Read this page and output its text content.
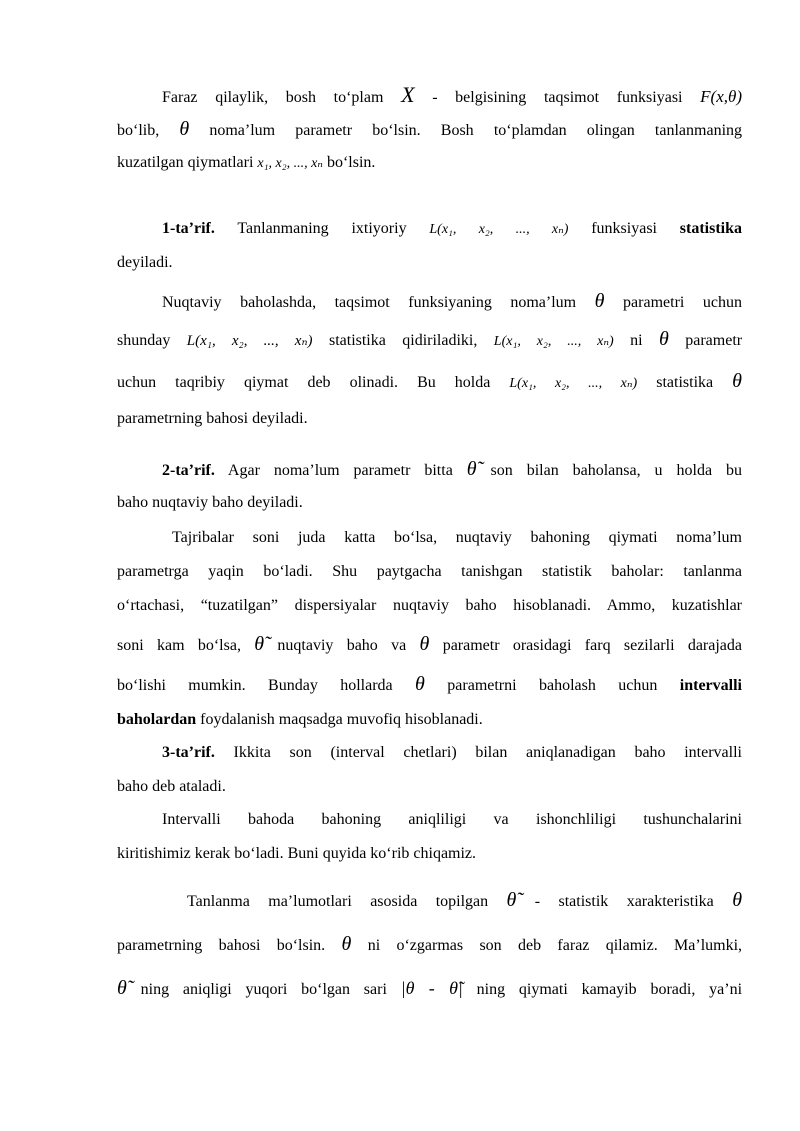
Faraz qilaylik, bosh to‘plam X - belgisining taqsimot funksiyasi F(x,θ)
bo‘lib, θ noma’lum parametr bo‘lsin. Bosh to‘plamdan olingan tanlanmaning
kuzatilgan qiymatlari x₁, x₂, ..., xₙ bo‘lsin.
1-ta’rif. Tanlanmaning ixtiyoriy L(x₁, x₂, ..., xₙ) funksiyasi statistika
deyiladi.
Nuqtaviy baholashda, taqsimot funksiyaning noma’lum θ parametri uchun
shunday L(x₁, x₂, ..., xₙ) statistika qidiriladiki, L(x₁, x₂, ..., xₙ) ni θ parametr
uchun taqribiy qiymat deb olinadi. Bu holda L(x₁, x₂, ..., xₙ) statistika θ
parametrning bahosi deyiladi.
2-ta’rif. Agar noma’lum parametr bitta θ̃ son bilan baholansa, u holda bu
baho nuqtaviy baho deyiladi.
Tajribalar soni juda katta bo‘lsa, nuqtaviy bahoning qiymati noma’lum
parametrga yaqin bo‘ladi. Shu paytgacha tanishgan statistik baholar: tanlanma
o‘rtachasi, “tuzatilgan” dispersiyalar nuqtaviy baho hisoblanadi. Ammo, kuzatishlar
soni kam bo‘lsa, θ̃ nuqtaviy baho va θ parametr orasidagi farq sezilarli darajada
bo‘lishi mumkin. Bunday hollarda θ parametrni baholash uchun intervalli
baholardan foydalanish maqsadga muvofiq hisoblanadi.
3-ta’rif. Ikkita son (interval chetlari) bilan aniqlanadigan baho intervalli
baho deb ataladi.
Intervalli bahoda bahoning aniqliligi va ishonchliligi tushunchalarini
kiritishimiz kerak bo‘ladi. Buni quyida ko‘rib chiqamiz.
Tanlanma ma’lumotlari asosida topilgan θ̃ - statistik xarakteristika θ
parametrning bahosi bo‘lsin. θ ni o‘zgarmas son deb faraz qilamiz. Ma’lumki,
θ̃ ning aniqligi yuqori bo‘lgan sari |θ - θ̃| ning qiymati kamayib boradi, ya’ni
